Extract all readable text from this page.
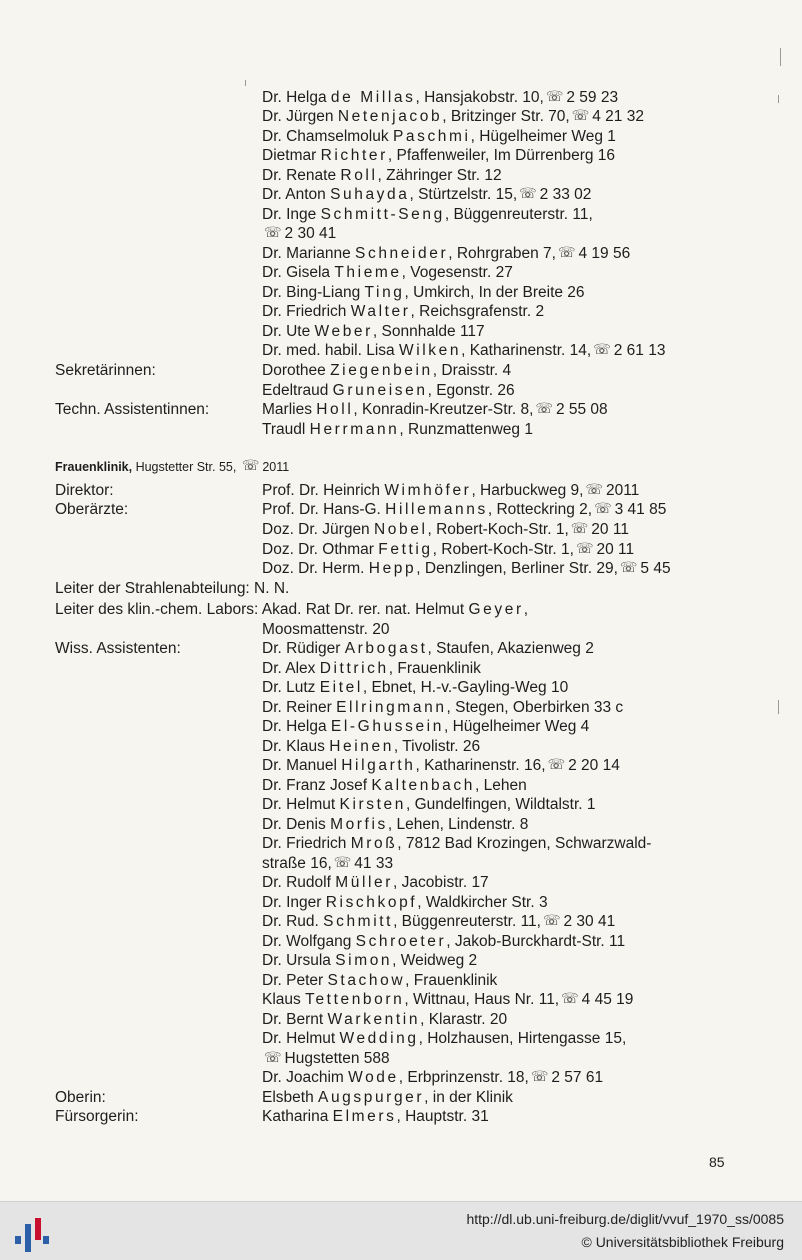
Dr. Helga de Millas, Hansjakobstr. 10, ☏ 2 59 23
Dr. Jürgen Netenjacob, Britzinger Str. 70, ☏ 4 21 32
Dr. Chamselmoluk Paschmi, Hügelheimer Weg 1
Dietmar Richter, Pfaffenweiler, Im Dürrenberg 16
Dr. Renate Roll, Zähringer Str. 12
Dr. Anton Suhayda, Stürtzelstr. 15, ☏ 2 33 02
Dr. Inge Schmitt-Seng, Büggenreuterstr. 11,
☏ 2 30 41
Dr. Marianne Schneider, Rohrgraben 7, ☏ 4 19 56
Dr. Gisela Thieme, Vogesenstr. 27
Dr. Bing-Liang Ting, Umkirch, In der Breite 26
Dr. Friedrich Walter, Reichsgrafenstr. 2
Dr. Ute Weber, Sonnhalde 117
Dr. med. habil. Lisa Wilken, Katharinenstr. 14, ☏ 2 61 13
Sekretärinnen:	Dorothee Ziegenbein, Draisstr. 4
Edeltraud Gruneisen, Egonstr. 26
Techn. Assistentinnen:	Marlies Holl, Konradin-Kreutzer-Str. 8, ☏ 2 55 08
Traudl Herrmann, Runzmattenweg 1
Direktor:	Prof. Dr. Heinrich Wimhöfer, Harbuckweg 9, ☏ 2011
Oberärzte:	Prof. Dr. Hans-G. Hillemanns, Rotteckring 2, ☏ 3 41 85
Doz. Dr. Jürgen Nobel, Robert-Koch-Str. 1, ☏ 20 11
Doz. Dr. Othmar Fettig, Robert-Koch-Str. 1, ☏ 20 11
Doz. Dr. Herm. Hepp, Denzlingen, Berliner Str. 29, ☏ 5 45
Leiter der Strahlenabteilung: N. N.
Leiter des klin.-chem. Labors: Akad. Rat Dr. rer. nat. Helmut Geyer,
Moosmattenstr. 20
Wiss. Assistenten:	Dr. Rüdiger Arbogast, Staufen, Akazienweg 2
Dr. Alex Dittrich, Frauenklinik
Dr. Lutz Eitel, Ebnet, H.-v.-Gayling-Weg 10
Dr. Reiner Ellringmann, Stegen, Oberbirken 33 c
Dr. Helga El-Ghussein, Hügelheimer Weg 4
Dr. Klaus Heinen, Tivolistr. 26
Dr. Manuel Hilgarth, Katharinenstr. 16, ☏ 2 20 14
Dr. Franz Josef Kaltenbach, Lehen
Dr. Helmut Kirsten, Gundelfingen, Wildtalstr. 1
Dr. Denis Morfis, Lehen, Lindenstr. 8
Dr. Friedrich Mroß, 7812 Bad Krozingen, Schwarzwald-
straße 16, ☏ 41 33
Dr. Rudolf Müller, Jacobistr. 17
Dr. Inger Rischkopf, Waldkircher Str. 3
Dr. Rud. Schmitt, Büggenreuterstr. 11, ☏ 2 30 41
Dr. Wolfgang Schroeter, Jakob-Burckhardt-Str. 11
Dr. Ursula Simon, Weidweg 2
Dr. Peter Stachow, Frauenklinik
Klaus Tettenborn, Wittnau, Haus Nr. 11, ☏ 4 45 19
Dr. Bernt Warkentin, Klarastr. 20
Dr. Helmut Wedding, Holzhausen, Hirtengasse 15,
☏ Hugstetten 588
Dr. Joachim Wode, Erbprinzenstr. 18, ☏ 2 57 61
Oberin:	Elsbeth Augspurger, in der Klinik
Fürsorgerin:	Katharina Elmers, Hauptstr. 31
Frauenklinik, Hugstetter Str. 55, ☏ 2011
85
http://dl.ub.uni-freiburg.de/diglit/vvuf_1970_ss/0085
© Universitätsbibliothek Freiburg
